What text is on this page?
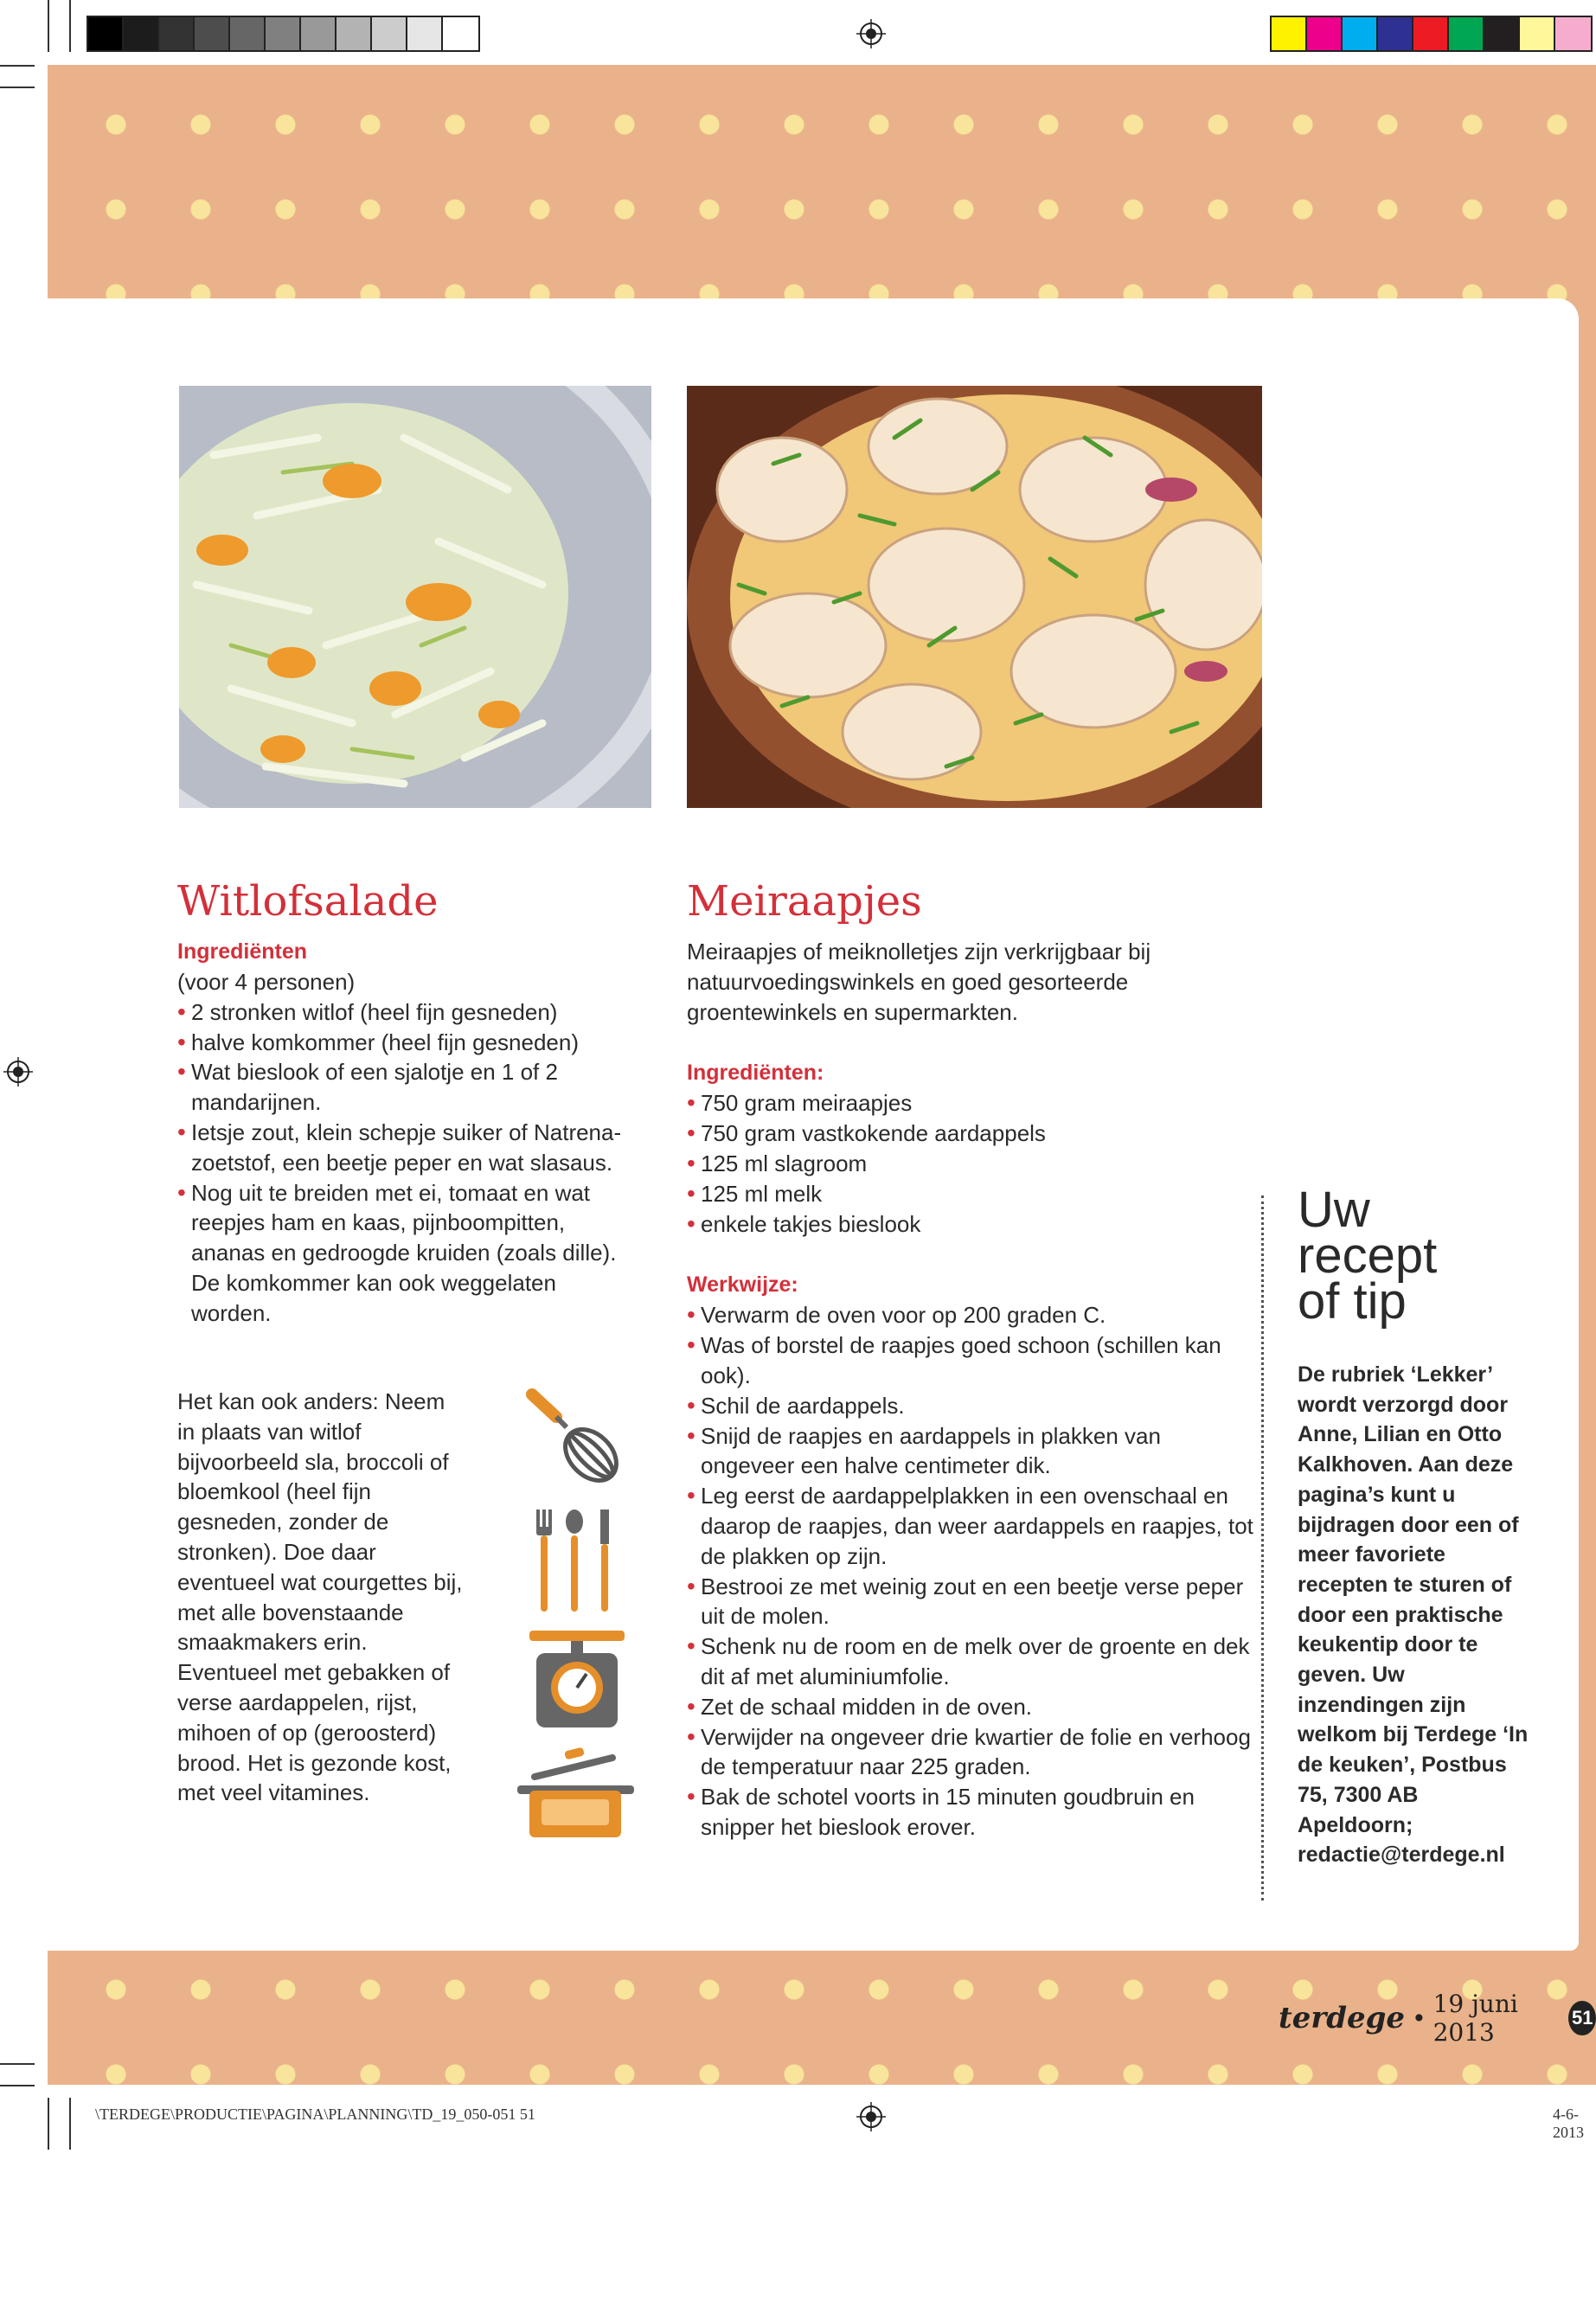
Witlofsalade
Ingrediënten
(voor 4 personen)
• 2 stronken witlof (heel fijn gesneden)
• halve komkommer (heel fijn gesneden)
• Wat bieslook of een sjalotje en 1 of 2 mandarijnen.
• Ietsje zout, klein schepje suiker of Natrena-zoetstof, een beetje peper en wat slasaus.
• Nog uit te breiden met ei, tomaat en wat reepjes ham en kaas, pijnboompitten, ananas en gedroogde kruiden (zoals dille). De komkommer kan ook weggelaten worden.
Het kan ook anders: Neem in plaats van witlof bijvoorbeeld sla, broccoli of bloemkool (heel fijn gesneden, zonder de stronken). Doe daar eventueel wat courgettes bij, met alle bovenstaande smaakmakers erin. Eventueel met gebakken of verse aardappelen, rijst, mihoen of op (geroosterd) brood. Het is gezonde kost, met veel vitamines.
Meiraapjes
Meiraapjes of meiknolletjes zijn verkrijgbaar bij natuurvoedingswinkels en goed gesorteerde groentewinkels en supermarkten.
Ingrediënten:
• 750 gram meiraapjes
• 750 gram vastkokende aardappels
• 125 ml slagroom
• 125 ml melk
• enkele takjes bieslook
Werkwijze:
• Verwarm de oven voor op 200 graden C.
• Was of borstel de raapjes goed schoon (schillen kan ook).
• Schil de aardappels.
• Snijd de raapjes en aardappels in plakken van ongeveer een halve centimeter dik.
• Leg eerst de aardappelplakken in een ovenschaal en daarop de raapjes, dan weer aardappels en raapjes, tot de plakken op zijn.
• Bestrooi ze met weinig zout en een beetje verse peper uit de molen.
• Schenk nu de room en de melk over de groente en dek dit af met aluminiumfolie.
• Zet de schaal midden in de oven.
• Verwijder na ongeveer drie kwartier de folie en verhoog de temperatuur naar 225 graden.
• Bak de schotel voorts in 15 minuten goudbruin en snipper het bieslook erover.
Uw
recept
of tip
De rubriek ‘Lekker’ wordt verzorgd door Anne, Lilian en Otto Kalkhoven. Aan deze pagina’s kunt u bijdragen door een of meer favoriete recepten te sturen of door een praktische keukentip door te geven. Uw inzendingen zijn welkom bij Terdege ‘In de keuken’, Postbus 75, 7300 AB Apeldoorn; redactie@terdege.nl
terdege • 19 juni 2013
51
\TERDEGE\PRODUCTIE\PAGINA\PLANNING\TD_19_050-051 51	4-6-2013
